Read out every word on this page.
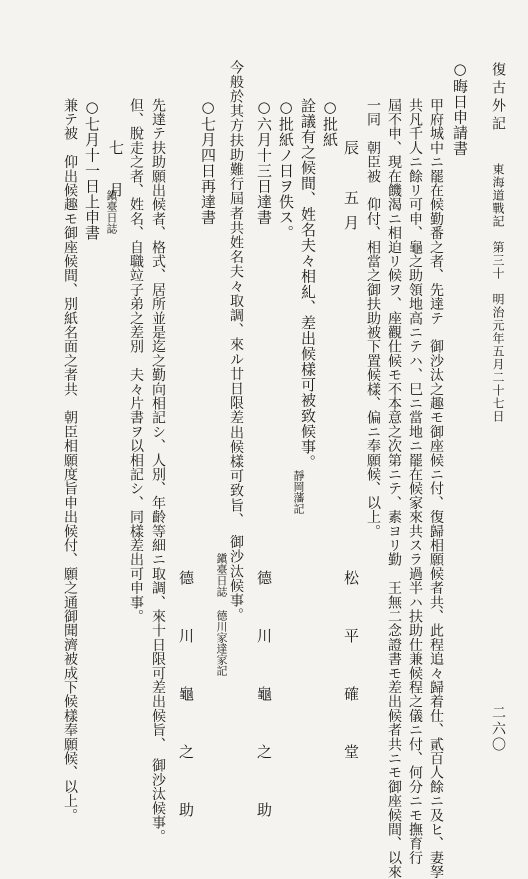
復古外記
東海道戰記　第三十　明治元年五月二十七日
二六〇
○晦日申請書
甲府城中ニ罷在候勤番之者、先達テ　御沙汰之趣モ御座候ニ付、復歸相願候者共、此程追々歸着仕、貳百人餘ニ及ヒ、妻孥
共凡千人ニ餘リ可申、龜之助領地高ニテハ、巳ニ當地ニ罷在候家來共スラ過半ハ扶助仕兼候程之儀ニ付、何分ニモ撫育行
屆不申、現在饑渴ニ相迫リ候ヲ、座觀仕候モ不本意之次第ニテ、素ヨリ勤　王無二念證書モ差出候者共ニモ御座候間、以來
一同　朝臣被　仰付、相當之御扶助被下置候樣、偏ニ奉願候、以上。
辰　五月
松　平　確　堂
○批紙
詮議有之候間、姓名夫々相糺、差出候樣可被致候事。
靜岡藩記
○批紙ノ日ヲ佚ス。
○六月十三日達書
德　川　龜　之　助
今般於其方扶助難行屆者共姓名夫々取調、來ル廿日限差出候樣可致旨、　御沙汰候事。
鎭臺日誌 德川家達家記
○七月四日再達書
先達テ扶助願出候者、格式、居所並是迄之勤向相記シ、人別、年齡等細ニ取調、來十日限可差出候旨、　御沙汰候事。
但、脫走之者、姓名、自職竝子弟之差別　夫々片書ヲ以相記シ、同樣差出可申事。
七　月
鎭臺日誌
德　川　龜　之　助
○七月十一日上申書
兼テ被　仰出候趣モ御座候間、別紙名面之者共　朝臣相願度旨申出候付、願之通御聞濟被成下候樣奉願候、以上。
